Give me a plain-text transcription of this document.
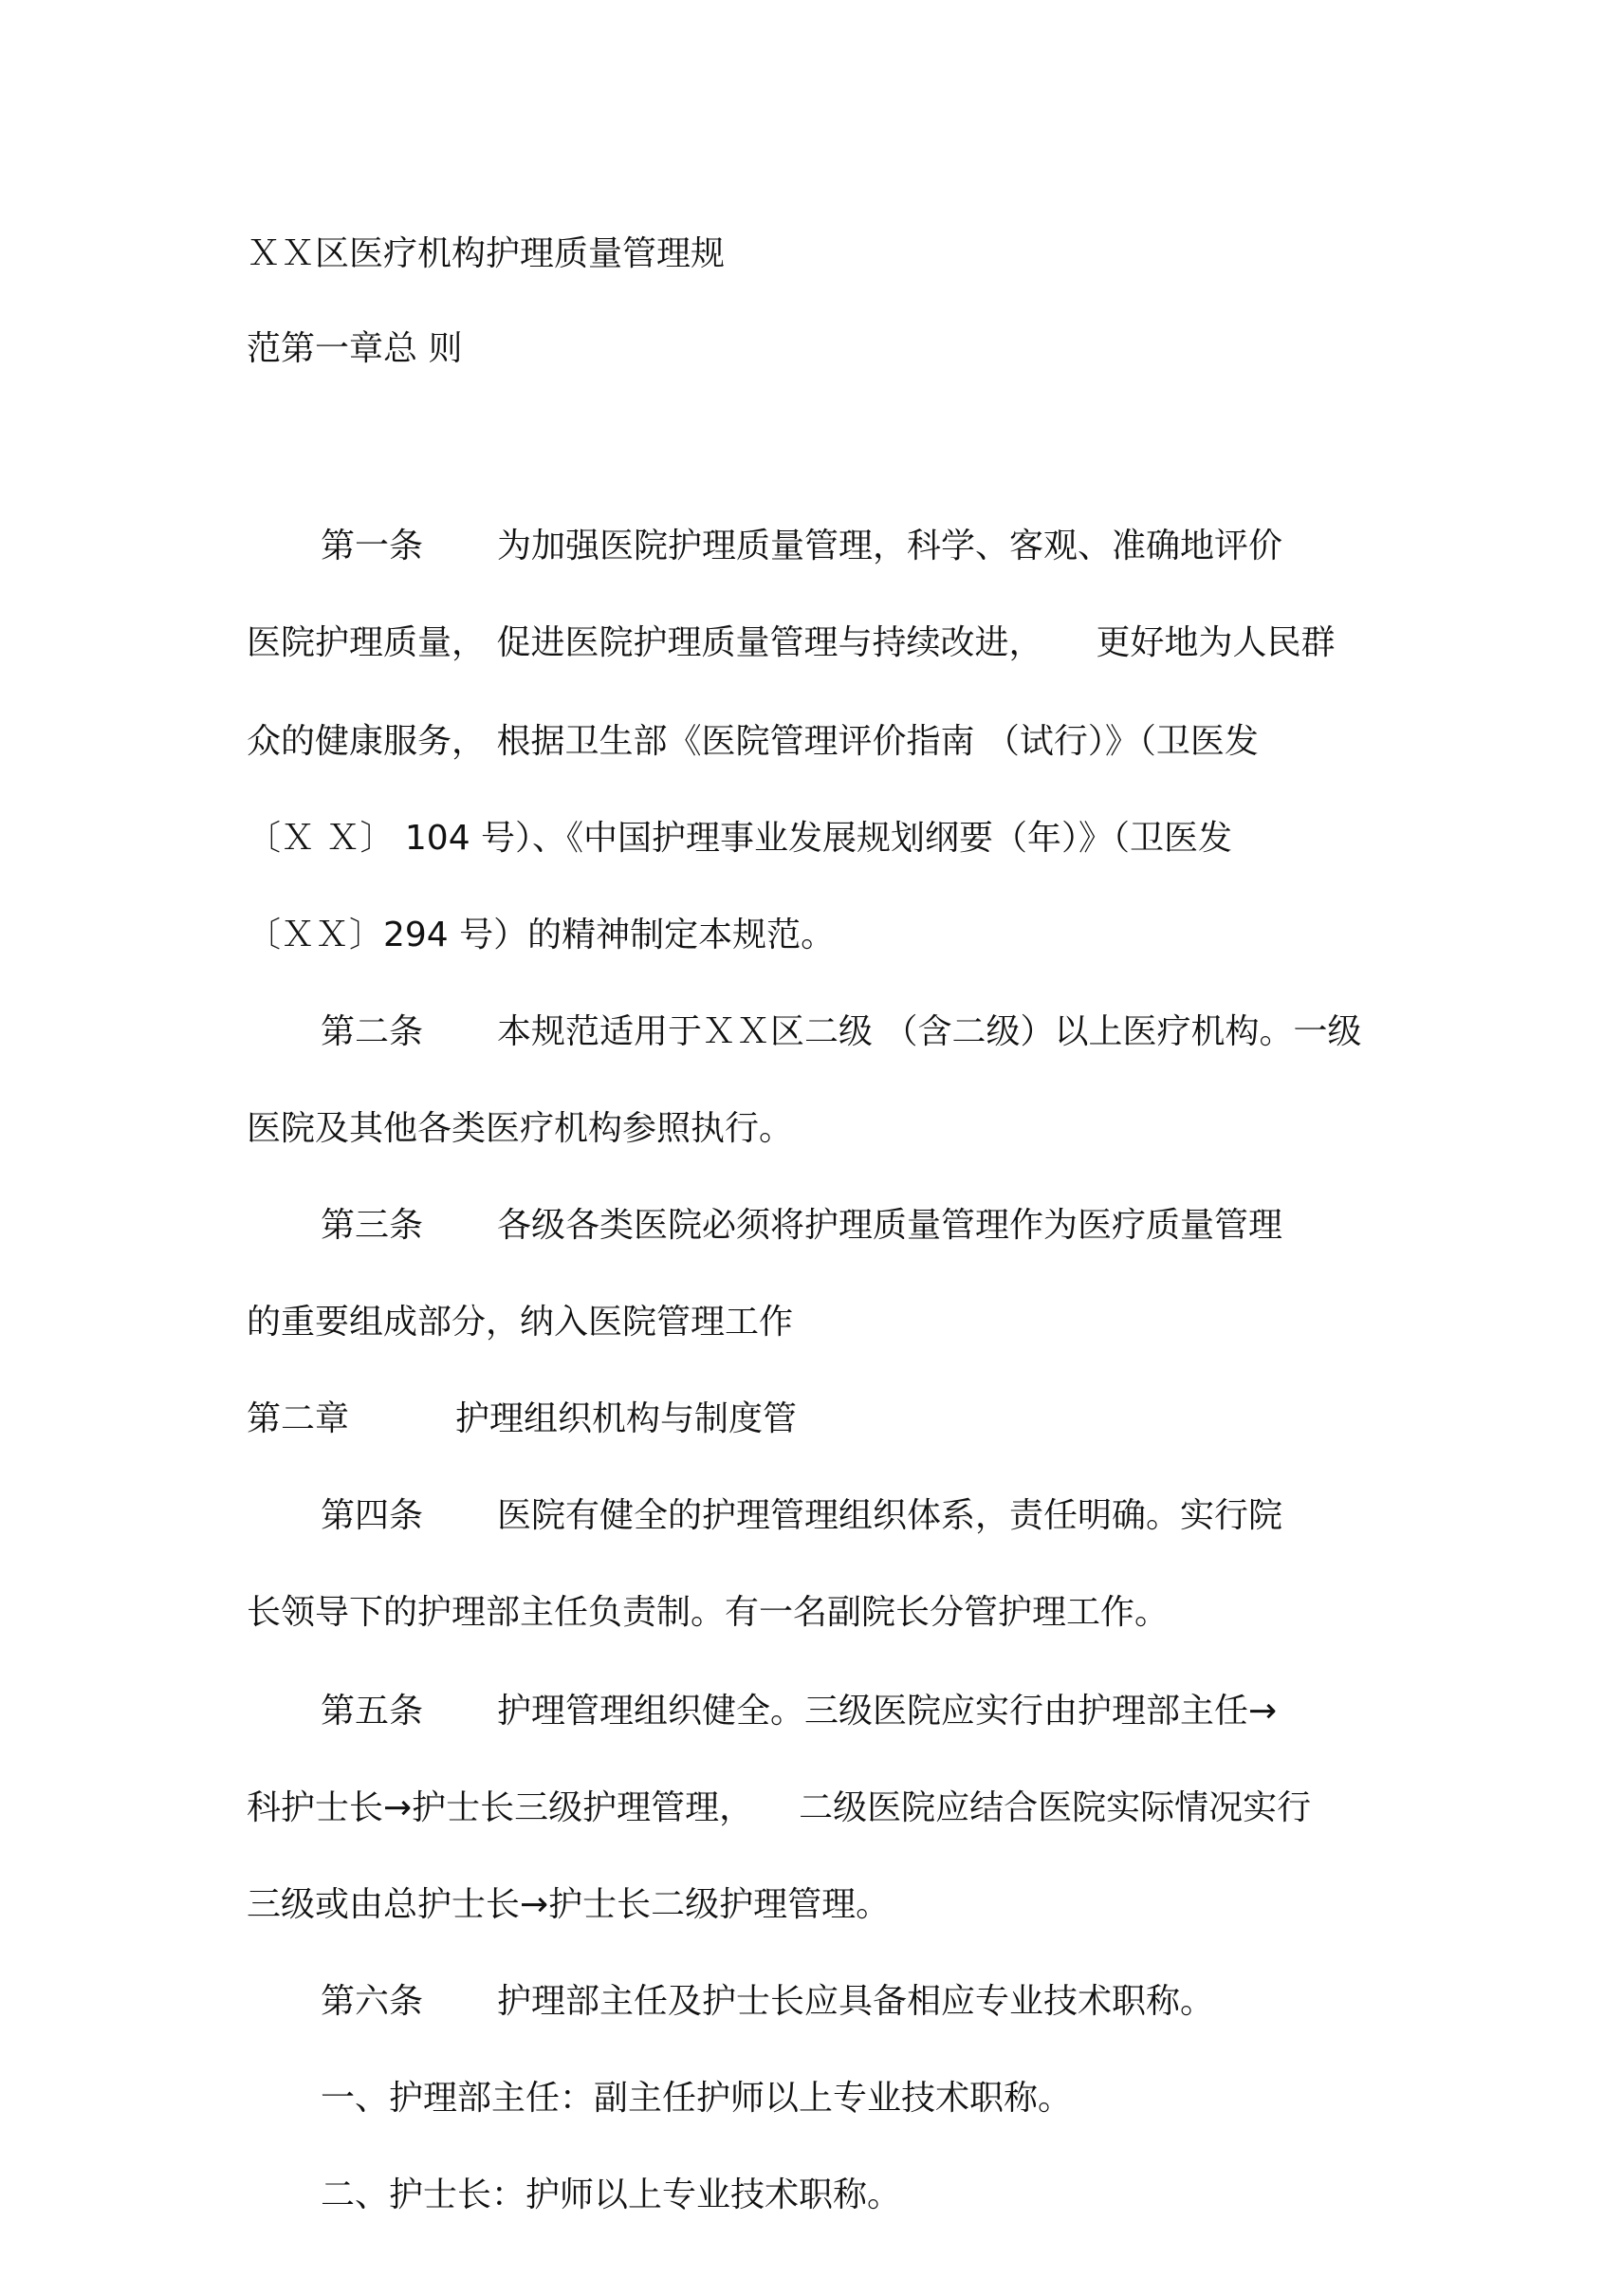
ＸＸ区医疗机构护理质量管理规
范第一章总 则
第一条 为加强医院护理质量管理，科学、客观、准确地评价
医院护理质量， 促进医院护理质量管理与持续改进， 更好地为人民群
众的健康服务， 根据卫生部《医院管理评价指南 （试行）》（卫医发
〔Ｘ Ｘ〕 104 号）、《中国护理事业发展规划纲要（年）》（卫医发
〔ＸＸ〕294 号）的精神制定本规范。
第二条 本规范适用于ＸＸ区二级 （含二级）以上医疗机构。一级
医院及其他各类医疗机构参照执行。
第三条 各级各类医院必须将护理质量管理作为医疗质量管理
的重要组成部分，纳入医院管理工作
第二章	护理组织机构与制度管
第四条 医院有健全的护理管理组织体系，责任明确。实行院
长领导下的护理部主任负责制。有一名副院长分管护理工作。
第五条 护理管理组织健全。三级医院应实行由护理部主任→
科护士长→护士长三级护理管理， 二级医院应结合医院实际情况实行
三级或由总护士长→护士长二级护理管理。
第六条 护理部主任及护士长应具备相应专业技术职称。
一、护理部主任：副主任护师以上专业技术职称。
二、护士长：护师以上专业技术职称。
